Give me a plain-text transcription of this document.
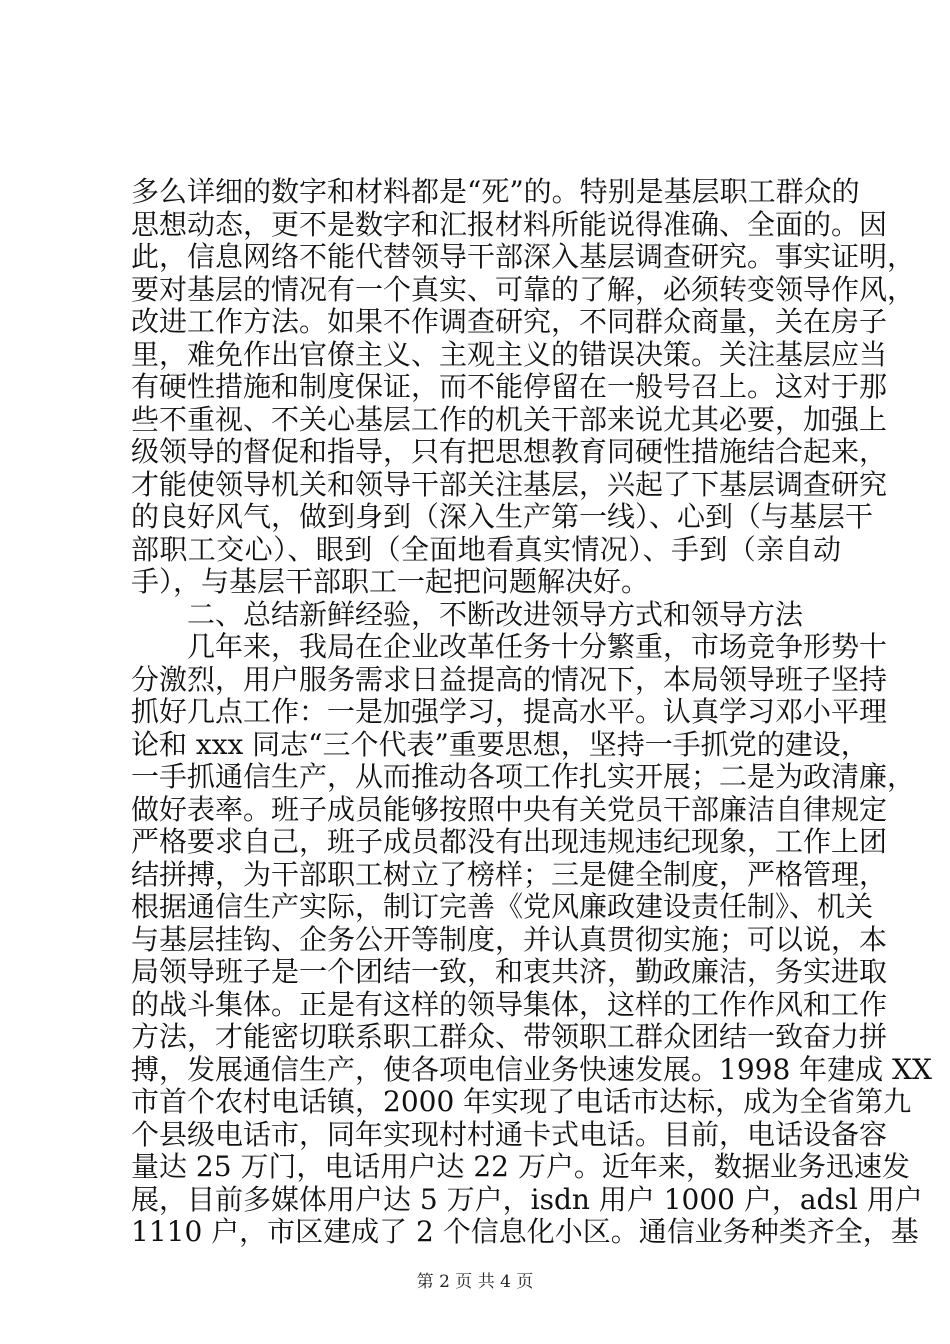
多么详细的数字和材料都是“死”的。特别是基层职工群众的
思想动态，更不是数字和汇报材料所能说得准确、全面的。因
此，信息网络不能代替领导干部深入基层调查研究。事实证明，
要对基层的情况有一个真实、可靠的了解，必须转变领导作风，
改进工作方法。如果不作调查研究，不同群众商量，关在房子
里，难免作出官僚主义、主观主义的错误决策。关注基层应当
有硬性措施和制度保证，而不能停留在一般号召上。这对于那
些不重视、不关心基层工作的机关干部来说尤其必要，加强上
级领导的督促和指导，只有把思想教育同硬性措施结合起来，
才能使领导机关和领导干部关注基层，兴起了下基层调查研究
的良好风气，做到身到（深入生产第一线）、心到（与基层干
部职工交心）、眼到（全面地看真实情况）、手到（亲自动
手），与基层干部职工一起把问题解决好。
二、总结新鲜经验，不断改进领导方式和领导方法
几年来，我局在企业改革任务十分繁重，市场竞争形势十
分激烈，用户服务需求日益提高的情况下，本局领导班子坚持
抓好几点工作：一是加强学习，提高水平。认真学习邓小平理
论和 xxx 同志“三个代表”重要思想，坚持一手抓党的建设，
一手抓通信生产，从而推动各项工作扎实开展；二是为政清廉，
做好表率。班子成员能够按照中央有关党员干部廉洁自律规定
严格要求自己，班子成员都没有出现违规违纪现象，工作上团
结拼搏，为干部职工树立了榜样；三是健全制度，严格管理，
根据通信生产实际，制订完善《党风廉政建设责任制》、机关
与基层挂钩、企务公开等制度，并认真贯彻实施；可以说，本
局领导班子是一个团结一致，和衷共济，勤政廉洁，务实进取
的战斗集体。正是有这样的领导集体，这样的工作作风和工作
方法，才能密切联系职工群众、带领职工群众团结一致奋力拼
搏，发展通信生产，使各项电信业务快速发展。1998 年建成 XX
市首个农村电话镇，2000 年实现了电话市达标，成为全省第九
个县级电话市，同年实现村村通卡式电话。目前，电话设备容
量达 25 万门，电话用户达 22 万户。近年来，数据业务迅速发
展，目前多媒体用户达 5 万户，isdn 用户 1000 户，adsl 用户
1110 户，市区建成了 2 个信息化小区。通信业务种类齐全，基
第 2 页 共 4 页
